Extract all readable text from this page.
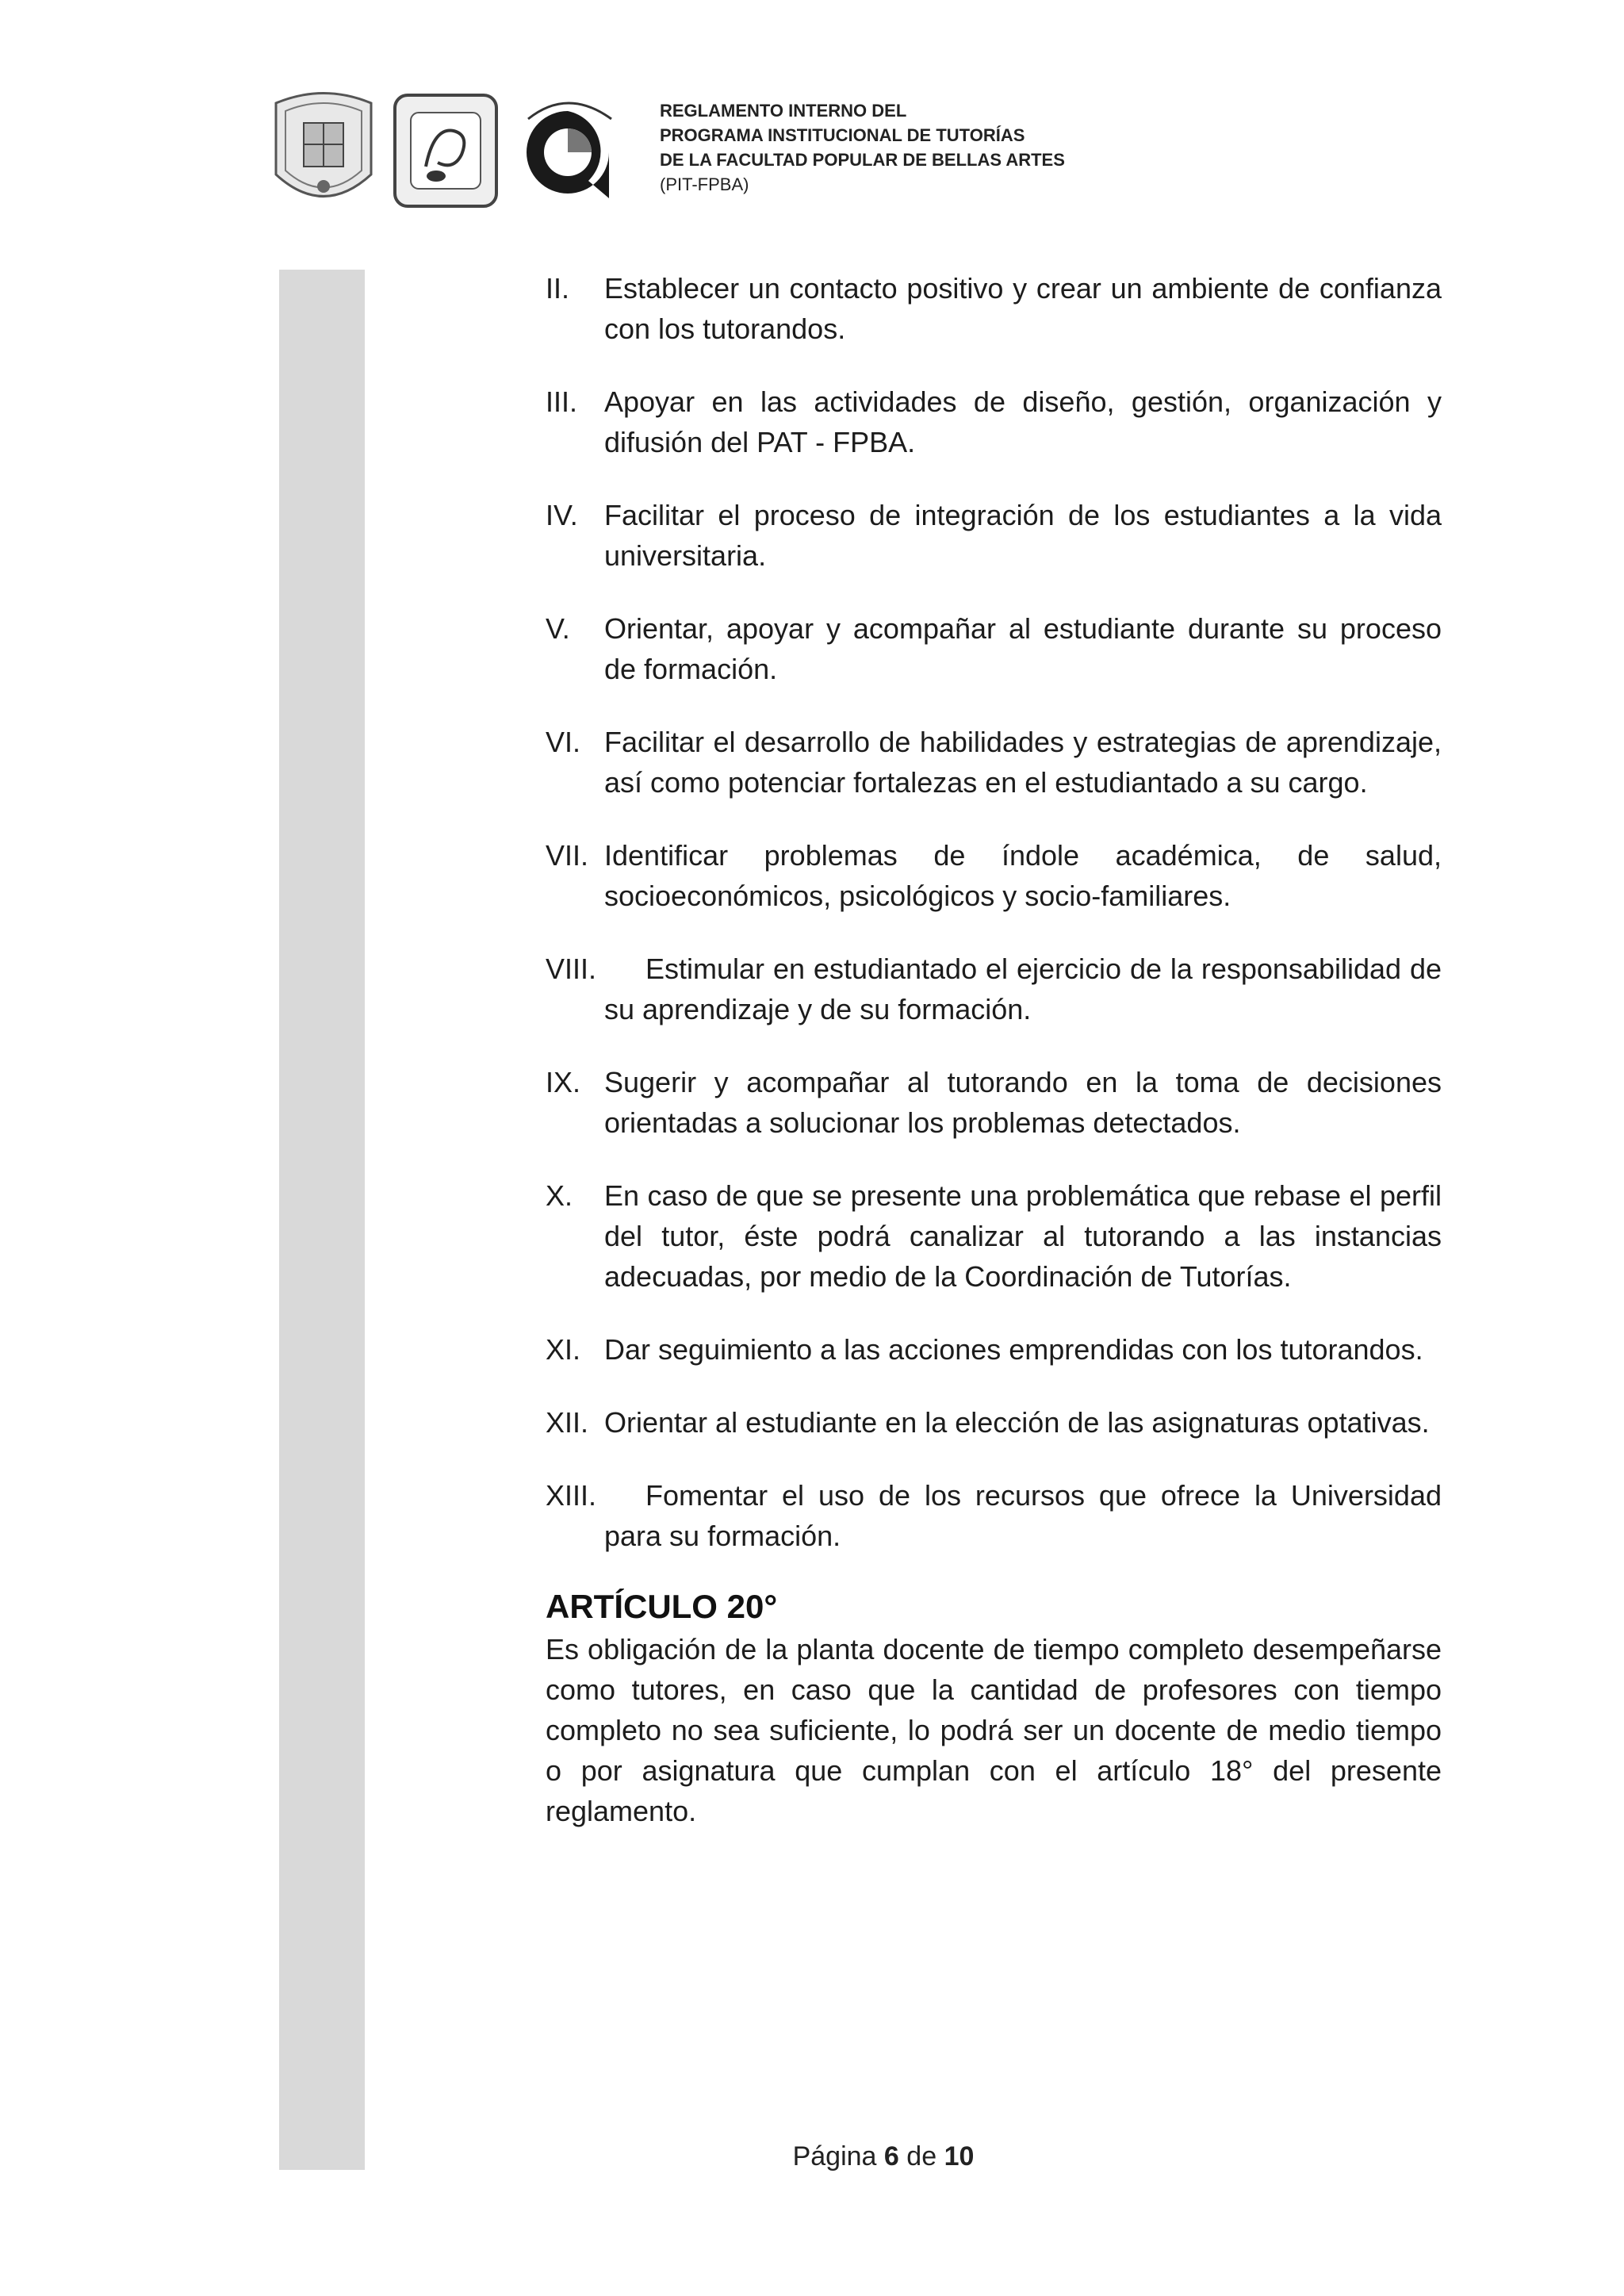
REGLAMENTO INTERNO DEL
PROGRAMA INSTITUCIONAL DE TUTORÍAS
DE LA FACULTAD POPULAR DE BELLAS ARTES
(PIT-FPBA)
II.	Establecer un contacto positivo y crear un ambiente de confianza con los tutorandos.
III. Apoyar en las actividades de diseño, gestión, organización y difusión del PAT - FPBA.
IV. Facilitar el proceso de integración de los estudiantes a la vida universitaria.
V.	Orientar, apoyar y acompañar al estudiante durante su proceso de formación.
VI. Facilitar el desarrollo de habilidades y estrategias de aprendizaje, así como potenciar fortalezas en el estudiantado a su cargo.
VII. Identificar problemas de índole académica, de salud, socioeconómicos, psicológicos y socio-familiares.
VIII.	Estimular en estudiantado el ejercicio de la responsabilidad de su aprendizaje y de su formación.
IX. Sugerir y acompañar al tutorando en la toma de decisiones orientadas a solucionar los problemas detectados.
X.	En caso de que se presente una problemática que rebase el perfil del tutor, éste podrá canalizar al tutorando a las instancias adecuadas, por medio de la Coordinación de Tutorías.
XI. Dar seguimiento a las acciones emprendidas con los tutorandos.
XII. Orientar al estudiante en la elección de las asignaturas optativas.
XIII.	Fomentar el uso de los recursos que ofrece la Universidad para su formación.
ARTÍCULO 20°
Es obligación de la planta docente de tiempo completo desempeñarse como tutores, en caso que la cantidad de profesores con tiempo completo no sea suficiente, lo podrá ser un docente de medio tiempo o por asignatura que cumplan con el artículo 18° del presente reglamento.
Página 6 de 10
